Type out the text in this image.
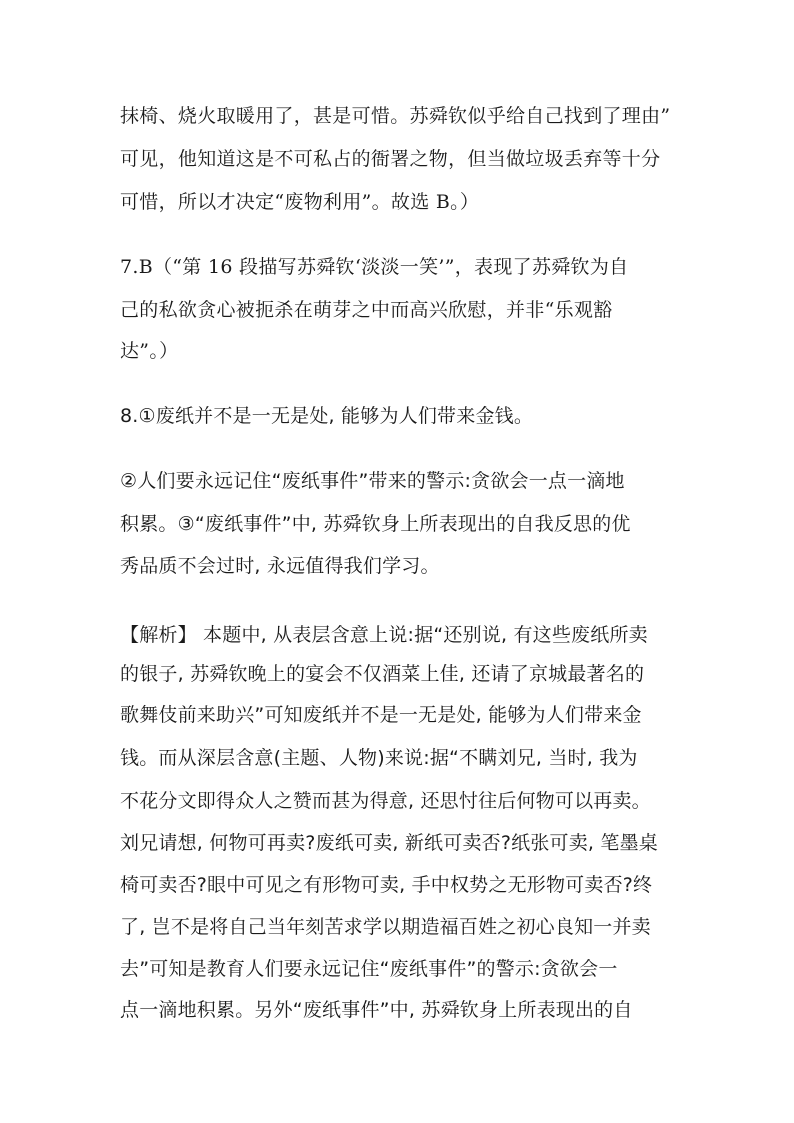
抹椅、烧火取暖用了，甚是可惜。苏舜钦似乎给自己找到了理由”
可见，他知道这是不可私占的衙署之物，但当做垃圾丢弃等十分
可惜，所以才决定“废物利用”。故选 B。）
7.B（“第 16 段描写苏舜钦‘淡淡一笑’”，表现了苏舜钦为自
己的私欲贪心被扼杀在萌芽之中而高兴欣慰，并非“乐观豁
达”。）
8.①废纸并不是一无是处, 能够为人们带来金钱。
②人们要永远记住“废纸事件”带来的警示:贪欲会一点一滴地
积累。③“废纸事件”中, 苏舜钦身上所表现出的自我反思的优
秀品质不会过时, 永远值得我们学习。
【解析】 本题中, 从表层含意上说:据“还别说, 有这些废纸所卖
的银子, 苏舜钦晚上的宴会不仅酒菜上佳, 还请了京城最著名的
歌舞伎前来助兴”可知废纸并不是一无是处, 能够为人们带来金
钱。而从深层含意(主题、人物)来说:据“不瞒刘兄, 当时, 我为
不花分文即得众人之赞而甚为得意, 还思忖往后何物可以再卖。
刘兄请想, 何物可再卖?废纸可卖, 新纸可卖否?纸张可卖, 笔墨桌
椅可卖否?眼中可见之有形物可卖, 手中权势之无形物可卖否?终
了, 岂不是将自己当年刻苦求学以期造福百姓之初心良知一并卖
去”可知是教育人们要永远记住“废纸事件”的警示:贪欲会一
点一滴地积累。另外“废纸事件”中, 苏舜钦身上所表现出的自
